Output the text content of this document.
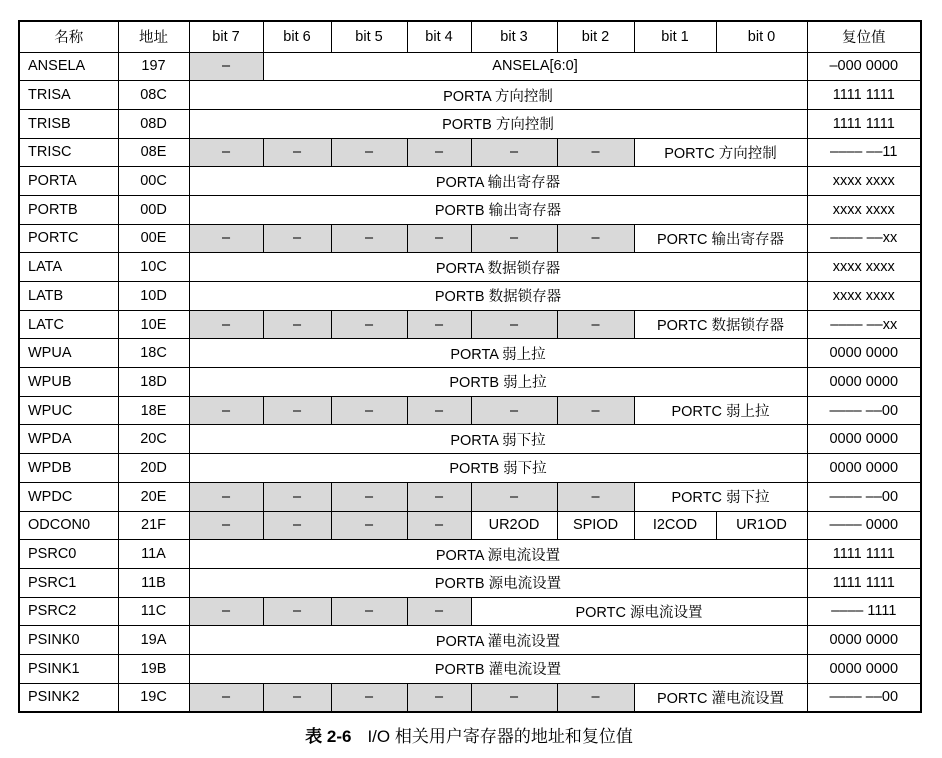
名称	地址	bit 7	bit 6	bit 5	bit 4	bit 3	bit 2	bit 1	bit 0	复位值
ANSELA	197	–	ANSELA[6:0]							–000 0000
TRISA	08C	PORTA 方向控制								1111 1111
TRISB	08D	PORTB 方向控制								1111 1111
TRISC	08E	–	–	–	–	–	–	PORTC 方向控制		–––– ––11
PORTA	00C	PORTA 输出寄存器								xxxx xxxx
PORTB	00D	PORTB 输出寄存器								xxxx xxxx
PORTC	00E	–	–	–	–	–	–	PORTC 输出寄存器		–––– ––xx
LATA	10C	PORTA 数据锁存器								xxxx xxxx
LATB	10D	PORTB 数据锁存器								xxxx xxxx
LATC	10E	–	–	–	–	–	–	PORTC 数据锁存器		–––– ––xx
WPUA	18C	PORTA 弱上拉								0000 0000
WPUB	18D	PORTB 弱上拉								0000 0000
WPUC	18E	–	–	–	–	–	–	PORTC 弱上拉		–––– ––00
WPDA	20C	PORTA 弱下拉								0000 0000
WPDB	20D	PORTB 弱下拉								0000 0000
WPDC	20E	–	–	–	–	–	–	PORTC 弱下拉		–––– ––00
ODCON0	21F	–	–	–	–	UR2OD	SPIOD	I2COD	UR1OD	–––– 0000
PSRC0	11A	PORTA 源电流设置								1111 1111
PSRC1	11B	PORTB 源电流设置								1111 1111
PSRC2	11C	–	–	–	–	PORTC 源电流设置				–––– 1111
PSINK0	19A	PORTA 灌电流设置								0000 0000
PSINK1	19B	PORTB 灌电流设置								0000 0000
PSINK2	19C	–	–	–	–	–	–	PORTC 灌电流设置		–––– ––00
表 2-6 I/O 相关用户寄存器的地址和复位值
